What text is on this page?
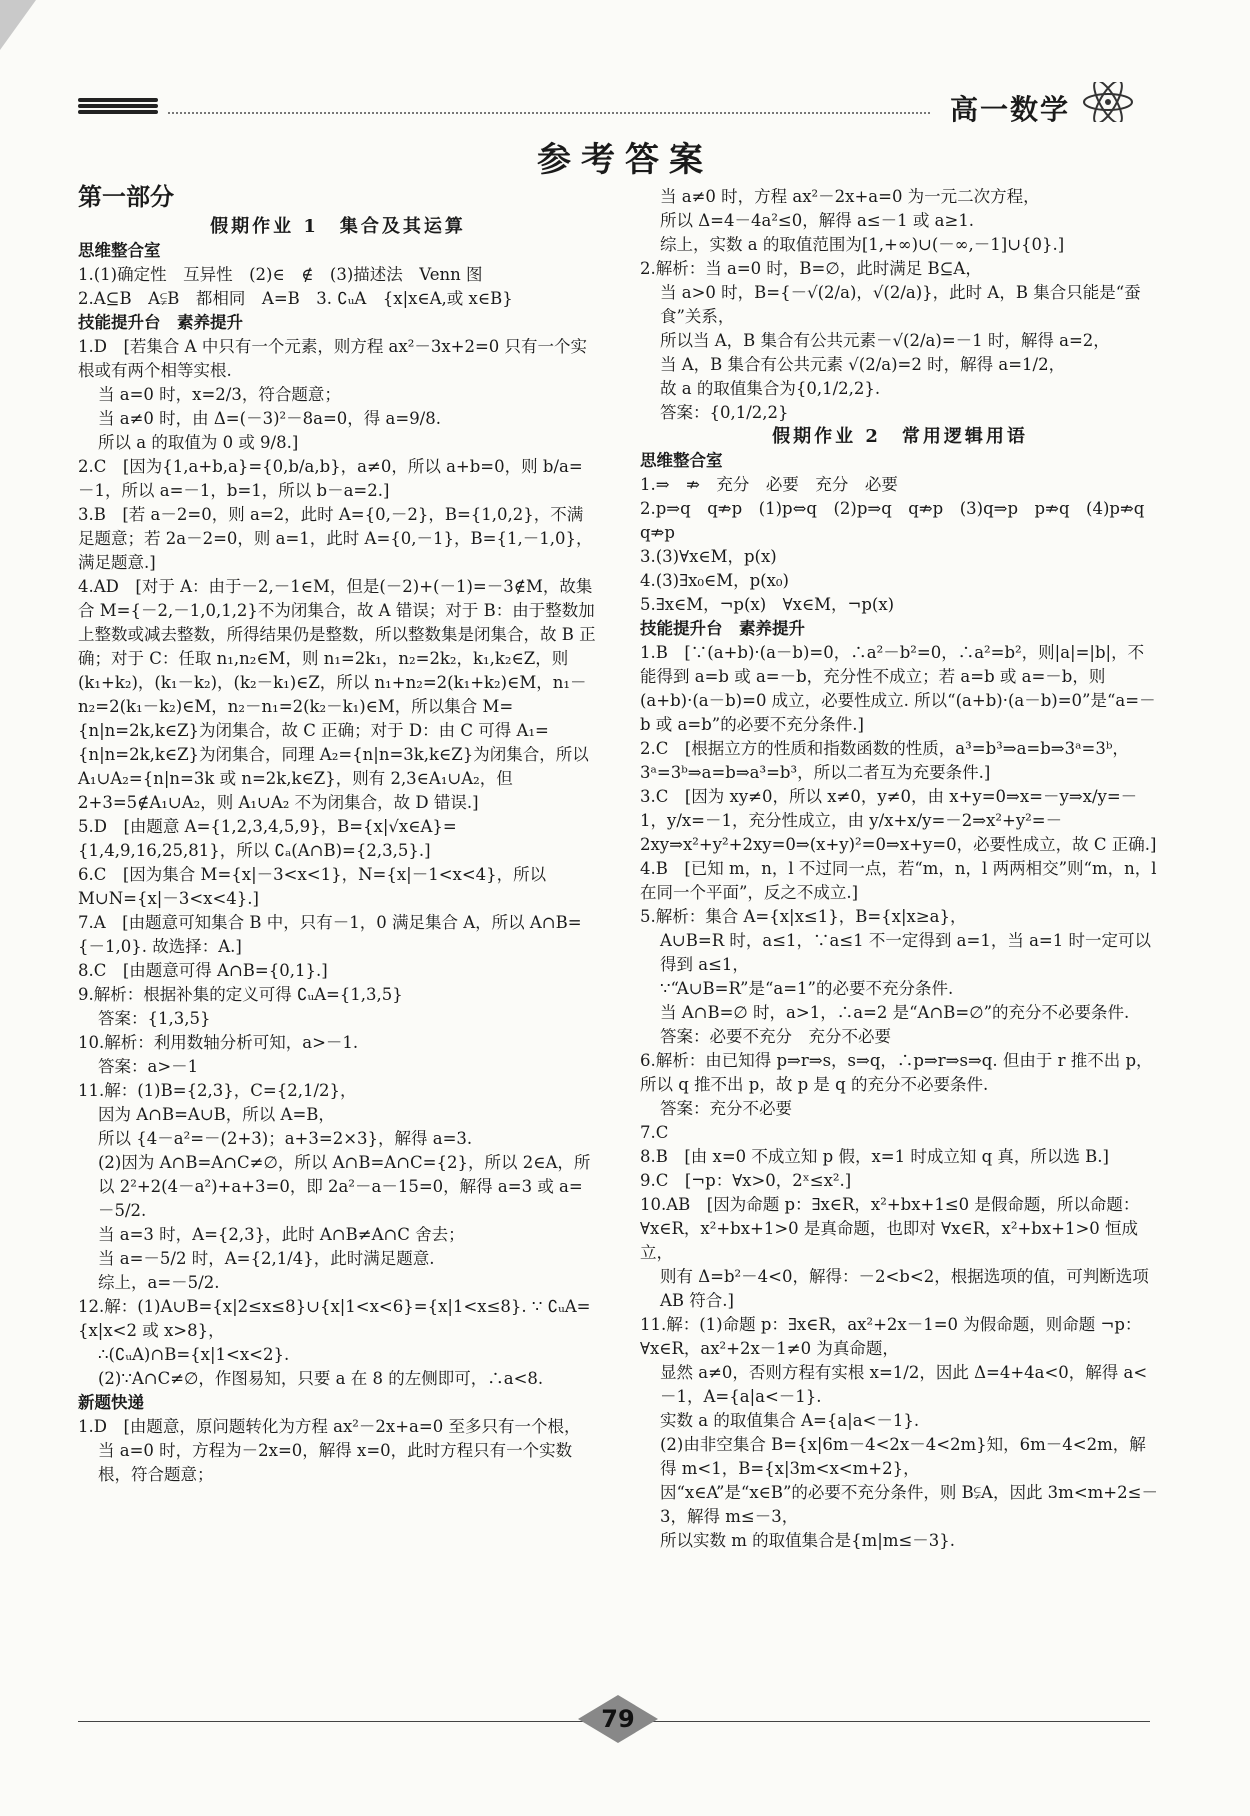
高一数学
参考答案
第一部分

假期作业 1　集合及其运算

思维整合室

1.(1)确定性　互异性　(2)∈　∉　(3)描述法　Venn 图

2.A⊆B　A⫋B　都相同　A=B　3. ∁ᵤA　{x|x∈A,或 x∈B}

技能提升台　素养提升

1.D　[若集合 A 中只有一个元素，则方程 ax²－3x+2=0 只有一个实根或有两个相等实根.

当 a=0 时，x=2/3，符合题意；

当 a≠0 时，由 Δ=(－3)²－8a=0，得 a=9/8.

所以 a 的取值为 0 或 9/8.]

2.C　[因为{1,a+b,a}={0,b/a,b}，a≠0，所以 a+b=0，则 b/a=－1，所以 a=－1，b=1，所以 b－a=2.]

3.B　[若 a－2=0，则 a=2，此时 A={0,－2}，B={1,0,2}，不满足题意；若 2a－2=0，则 a=1，此时 A={0,－1}，B={1,－1,0}，满足题意.]

4.AD　[对于 A：由于－2,－1∈M，但是(－2)+(－1)=－3∉M，故集合 M={－2,－1,0,1,2}不为闭集合，故 A 错误；对于 B：由于整数加上整数或减去整数，所得结果仍是整数，所以整数集是闭集合，故 B 正确；对于 C：任取 n₁,n₂∈M，则 n₁=2k₁，n₂=2k₂，k₁,k₂∈Z，则(k₁+k₂)，(k₁－k₂)，(k₂－k₁)∈Z，所以 n₁+n₂=2(k₁+k₂)∈M，n₁－n₂=2(k₁－k₂)∈M，n₂－n₁=2(k₂－k₁)∈M，所以集合 M={n|n=2k,k∈Z}为闭集合，故 C 正确；对于 D：由 C 可得 A₁={n|n=2k,k∈Z}为闭集合，同理 A₂={n|n=3k,k∈Z}为闭集合，所以 A₁∪A₂={n|n=3k 或 n=2k,k∈Z}，则有 2,3∈A₁∪A₂，但 2+3=5∉A₁∪A₂，则 A₁∪A₂ 不为闭集合，故 D 错误.]

5.D　[由题意 A={1,2,3,4,5,9}，B={x|√x∈A}={1,4,9,16,25,81}，所以 ∁ₐ(A∩B)={2,3,5}.]

6.C　[因为集合 M={x|－3<x<1}，N={x|－1<x<4}，所以 M∪N={x|－3<x<4}.]

7.A　[由题意可知集合 B 中，只有－1，0 满足集合 A，所以 A∩B={－1,0}. 故选择：A.]

8.C　[由题意可得 A∩B={0,1}.]

9.解析：根据补集的定义可得 ∁ᵤA={1,3,5}

答案：{1,3,5}

10.解析：利用数轴分析可知，a>－1.

答案：a>－1

11.解：(1)B={2,3}，C={2,1/2}，

因为 A∩B=A∪B，所以 A=B，

所以 {4－a²=－(2+3)；a+3=2×3}，解得 a=3.

(2)因为 A∩B=A∩C≠∅，所以 A∩B=A∩C={2}，所以 2∈A，所以 2²+2(4－a²)+a+3=0，即 2a²－a－15=0，解得 a=3 或 a=－5/2.

当 a=3 时，A={2,3}，此时 A∩B≠A∩C 舍去；

当 a=－5/2 时，A={2,1/4}，此时满足题意.

综上，a=－5/2.

12.解：(1)A∪B={x|2≤x≤8}∪{x|1<x<6}={x|1<x≤8}. ∵ ∁ᵤA={x|x<2 或 x>8}，

∴(∁ᵤA)∩B={x|1<x<2}.

(2)∵A∩C≠∅，作图易知，只要 a 在 8 的左侧即可，∴a<8.

新题快递

1.D　[由题意，原问题转化为方程 ax²－2x+a=0 至多只有一个根，

当 a=0 时，方程为－2x=0，解得 x=0，此时方程只有一个实数根，符合题意；

当 a≠0 时，方程 ax²－2x+a=0 为一元二次方程，

所以 Δ=4－4a²≤0，解得 a≤－1 或 a≥1.

综上，实数 a 的取值范围为[1,+∞)∪(－∞,－1]∪{0}.]

2.解析：当 a=0 时，B=∅，此时满足 B⊆A，

当 a>0 时，B={－√(2/a)，√(2/a)}，此时 A，B 集合只能是“蚕食”关系，

所以当 A，B 集合有公共元素－√(2/a)=－1 时，解得 a=2，

当 A，B 集合有公共元素 √(2/a)=2 时，解得 a=1/2，

故 a 的取值集合为{0,1/2,2}.

答案：{0,1/2,2}

假期作业 2　常用逻辑用语

思维整合室

1.⇒　⇏　充分　必要　充分　必要

2.p⇒q　q⇏p　(1)p⇔q　(2)p⇒q　q⇏p　(3)q⇒p　p⇏q　(4)p⇏q　q⇏p

3.(3)∀x∈M，p(x)

4.(3)∃x₀∈M，p(x₀)

5.∃x∈M，¬p(x)　∀x∈M，¬p(x)

技能提升台　素养提升

1.B　[∵(a+b)·(a－b)=0，∴a²－b²=0，∴a²=b²，则|a|=|b|，不能得到 a=b 或 a=－b，充分性不成立；若 a=b 或 a=－b，则(a+b)·(a－b)=0 成立，必要性成立. 所以“(a+b)·(a－b)=0”是“a=－b 或 a=b”的必要不充分条件.]

2.C　[根据立方的性质和指数函数的性质，a³=b³⇒a=b⇒3ᵃ=3ᵇ，3ᵃ=3ᵇ⇒a=b⇒a³=b³，所以二者互为充要条件.]

3.C　[因为 xy≠0，所以 x≠0，y≠0，由 x+y=0⇒x=－y⇒x/y=－1，y/x=－1，充分性成立，由 y/x+x/y=－2⇒x²+y²=－2xy⇒x²+y²+2xy=0⇒(x+y)²=0⇒x+y=0，必要性成立，故 C 正确.]

4.B　[已知 m，n，l 不过同一点，若“m，n，l 两两相交”则“m，n，l 在同一个平面”，反之不成立.]

5.解析：集合 A={x|x≤1}，B={x|x≥a}，

A∪B=R 时，a≤1，∵a≤1 不一定得到 a=1，当 a=1 时一定可以得到 a≤1，

∵“A∪B=R”是“a=1”的必要不充分条件.

当 A∩B=∅ 时，a>1，∴a=2 是“A∩B=∅”的充分不必要条件.

答案：必要不充分　充分不必要

6.解析：由已知得 p⇒r⇒s，s⇒q，∴p⇒r⇒s⇒q. 但由于 r 推不出 p，所以 q 推不出 p，故 p 是 q 的充分不必要条件.

答案：充分不必要

7.C

8.B　[由 x=0 不成立知 p 假，x=1 时成立知 q 真，所以选 B.]

9.C　[¬p：∀x>0，2ˣ≤x².]

10.AB　[因为命题 p：∃x∈R，x²+bx+1≤0 是假命题，所以命题：∀x∈R，x²+bx+1>0 是真命题，也即对 ∀x∈R，x²+bx+1>0 恒成立，

则有 Δ=b²－4<0，解得：－2<b<2，根据选项的值，可判断选项 AB 符合.]

11.解：(1)命题 p：∃x∈R，ax²+2x－1=0 为假命题，则命题 ¬p：∀x∈R，ax²+2x－1≠0 为真命题，

显然 a≠0，否则方程有实根 x=1/2，因此 Δ=4+4a<0，解得 a<－1，A={a|a<－1}.

实数 a 的取值集合 A={a|a<－1}.

(2)由非空集合 B={x|6m－4<2x－4<2m}知，6m－4<2m，解得 m<1，B={x|3m<x<m+2}，

因“x∈A”是“x∈B”的必要不充分条件，则 B⫋A，因此 3m<m+2≤－3，解得 m≤－3，

所以实数 m 的取值集合是{m|m≤－3}.

79
